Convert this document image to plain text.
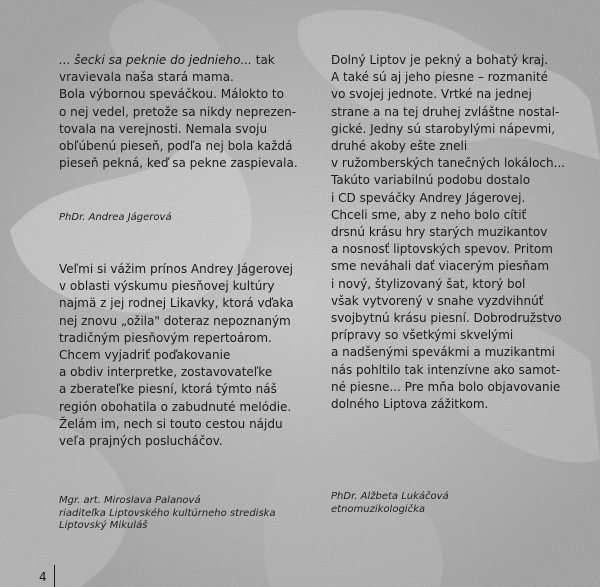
... šecki sa peknie do jednieho... tak
vravievala naša stará mama.
Bola výbornou speváčkou. Málokto to
o nej vedel, pretože sa nikdy neprezen-
tovala na verejnosti. Nemala svoju
obľúbenú pieseň, podľa nej bola každá
pieseň pekná, keď sa pekne zaspievala.

PhDr. Andrea Jágerová

Veľmi si vážim prínos Andrey Jágerovej
v oblasti výskumu piesňovej kultúry
najmä z jej rodnej Likavky, ktorá vďaka
nej znovu „ožila" doteraz nepoznaným
tradičným piesňovým repertoárom.
Chcem vyjadriť poďakovanie
a obdiv interpretke, zostavovateľke
a zberateľke piesní, ktorá týmto náš
región obohatila o zabudnuté melódie.
Želám im, nech si touto cestou nájdu
veľa prajných poslucháčov.

Mgr. art. Miroslava Palanová
riaditeľka Liptovského kultúrneho strediska
Liptovský Mikuláš

Dolný Liptov je pekný a bohatý kraj.
A také sú aj jeho piesne – rozmanité
vo svojej jednote. Vrtké na jednej
strane a na tej druhej zvláštne nostal-
gické. Jedny sú starobylými nápevmi,
druhé akoby ešte zneli
v ružomberských tanečných lokáloch...
Takúto variabilnú podobu dostalo
i CD speváčky Andrey Jágerovej.
Chceli sme, aby z neho bolo cítiť
drsnú krásu hry starých muzikantov
a nosnosť liptovských spevov. Pritom
sme neváhali dať viacerým piesňam
i nový, štylizovaný šat, ktorý bol
však vytvorený v snahe vyzdvihnúť
svojbytnú krásu piesní. Dobrodružstvo
prípravy so všetkými skvelými
a nadšenými spevákmi a muzikantmi
nás pohltilo tak intenzívne ako samot-
né piesne... Pre mňa bolo objavovanie
dolného Liptova zážitkom.

PhDr. Alžbeta Lukáčová
etnomuzikologička

4
